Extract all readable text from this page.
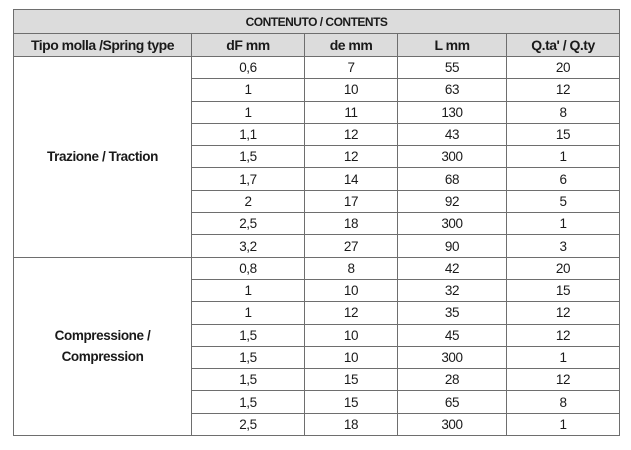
CONTENUTO / CONTENTS				
Tipo molla /Spring type	dF mm	de mm	L mm	Q.ta' / Q.ty
Trazione / Traction	0,6	7	55	20
	1	10	63	12
	1	11	130	8
	1,1	12	43	15
	1,5	12	300	1
	1,7	14	68	6
	2	17	92	5
	2,5	18	300	1
	3,2	27	90	3
Compressione / Compression	0,8	8	42	20
	1	10	32	15
	1	12	35	12
	1,5	10	45	12
	1,5	10	300	1
	1,5	15	28	12
	1,5	15	65	8
	2,5	18	300	1
